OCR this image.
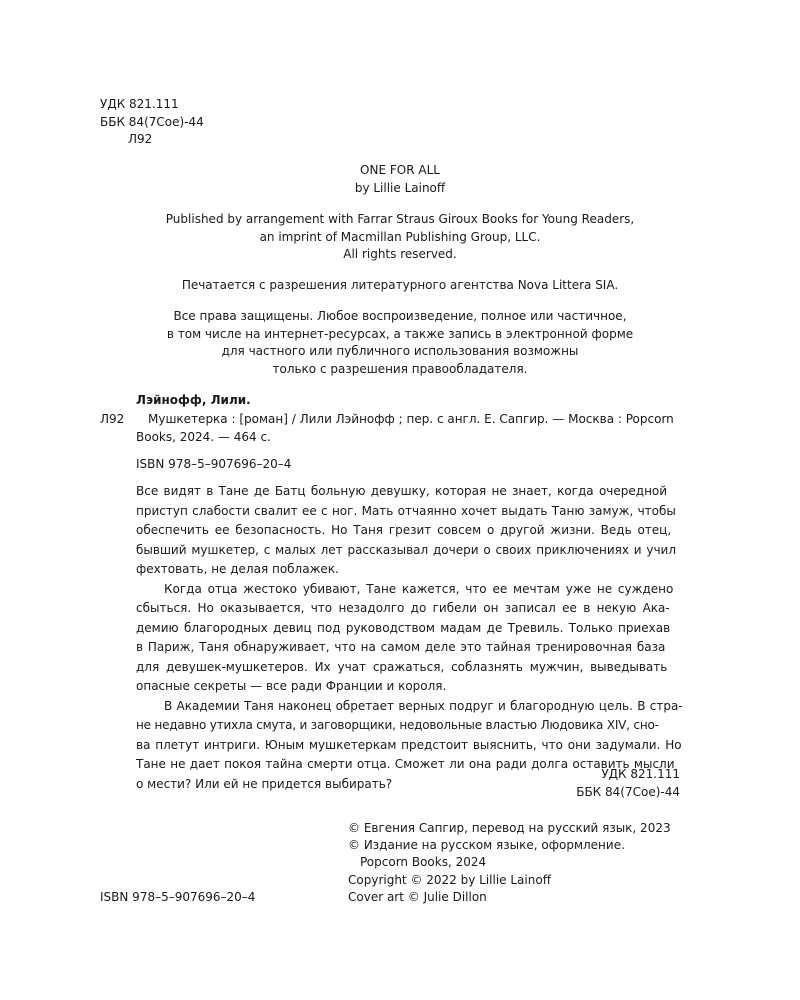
УДК 821.111
ББК 84(7Сое)-44
Л92

ONE FOR ALL

by Lillie Lainoff

Published by arrangement with Farrar Straus Giroux Books for Young Readers,

an imprint of Macmillan Publishing Group, LLC.

All rights reserved.

Печатается с разрешения литературного агентства Nova Littera SIA.

Все права защищены. Любое воспроизведение, полное или частичное,

в том числе на интернет-ресурсах, а также запись в электронной форме

для частного или публичного использования возможны

только с разрешения правообладателя.

Лэйнофф, Лили.
Л92 Мушкетерка : [роман] / Лили Лэйнофф ; пер. с англ. Е. Сапгир. — Москва : Popcorn
Books, 2024. — 464 с.
ISBN 978–5–907696–20–4
Все видят в Тане де Батц больную девушку, которая не знает, когда очередной
приступ слабости свалит ее с ног. Мать отчаянно хочет выдать Таню замуж, чтобы
обеспечить ее безопасность. Но Таня грезит совсем о другой жизни. Ведь отец,
бывший мушкетер, с малых лет рассказывал дочери о своих приключениях и учил
фехтовать, не делая поблажек.
Когда отца жестоко убивают, Тане кажется, что ее мечтам уже не суждено
сбыться. Но оказывается, что незадолго до гибели он записал ее в некую Ака-
демию благородных девиц под руководством мадам де Тревиль. Только приехав
в Париж, Таня обнаруживает, что на самом деле это тайная тренировочная база
для девушек-мушкетеров. Их учат сражаться, соблазнять мужчин, выведывать
опасные секреты — все ради Франции и короля.
В Академии Таня наконец обретает верных подруг и благородную цель. В стра-
не недавно утихла смута, и заговорщики, недовольные властью Людовика XIV, сно-
ва плетут интриги. Юным мушкетеркам предстоит выяснить, что они задумали. Но
Тане не дает покоя тайна смерти отца. Сможет ли она ради долга оставить мысли
о мести? Или ей не придется выбирать?
УДК 821.111
ББК 84(7Сое)-44
© Евгения Сапгир, перевод на русский язык, 2023
© Издание на русском языке, оформление.
Popcorn Books, 2024
Copyright © 2022 by Lillie Lainoff
Cover art © Julie Dillon
ISBN 978–5–907696–20–4
